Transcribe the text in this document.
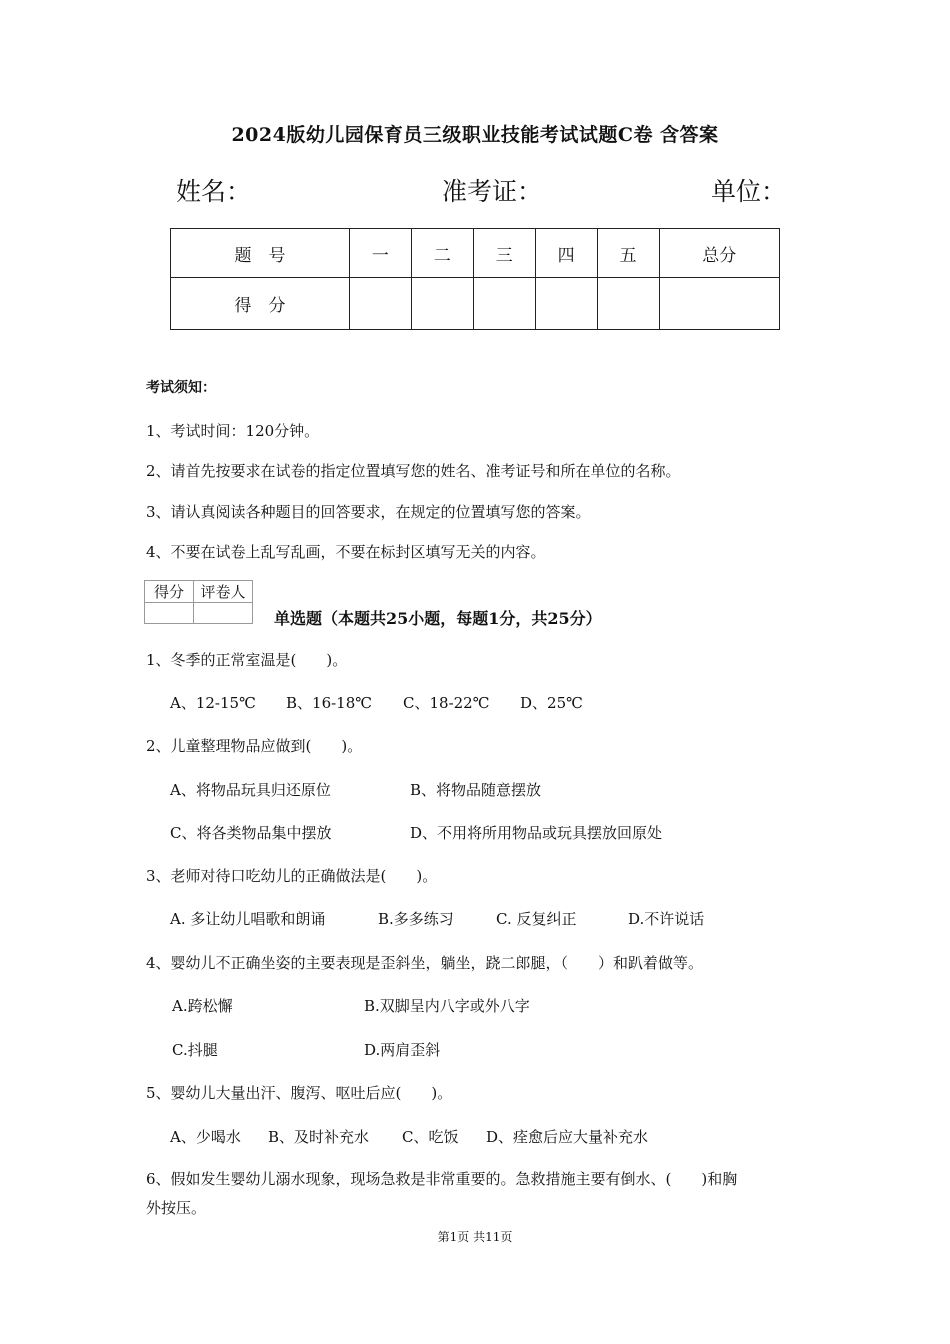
2024版幼儿园保育员三级职业技能考试试题C卷 含答案
姓名：	准考证：	单位：
题　号	一	二	三	四	五	总分
得　分						
考试须知：
1、考试时间：120分钟。
2、请首先按要求在试卷的指定位置填写您的姓名、准考证号和所在单位的名称。
3、请认真阅读各种题目的回答要求，在规定的位置填写您的答案。
4、不要在试卷上乱写乱画，不要在标封区填写无关的内容。
得分	评卷人

单选题（本题共25小题，每题1分，共25分）
1、冬季的正常室温是(　　)。
A、12-15℃ B、16-18℃ C、18-22℃ D、25℃
2、儿童整理物品应做到(　　)。
A、将物品玩具归还原位	B、将物品随意摆放
C、将各类物品集中摆放	D、不用将所用物品或玩具摆放回原处
3、老师对待口吃幼儿的正确做法是(　　)。
A. 多让幼儿唱歌和朗诵	B.多多练习	C. 反复纠正	D.不许说话
4、婴幼儿不正确坐姿的主要表现是歪斜坐，躺坐，跷二郎腿，（　　）和趴着做等。
A.跨松懈	B.双脚呈内八字或外八字
C.抖腿	D.两肩歪斜
5、婴幼儿大量出汗、腹泻、呕吐后应(　　)。
A、少喝水 B、及时补充水 C、吃饭 D、痊愈后应大量补充水
6、假如发生婴幼儿溺水现象，现场急救是非常重要的。急救措施主要有倒水、(　　)和胸
外按压。
第1页 共11页
